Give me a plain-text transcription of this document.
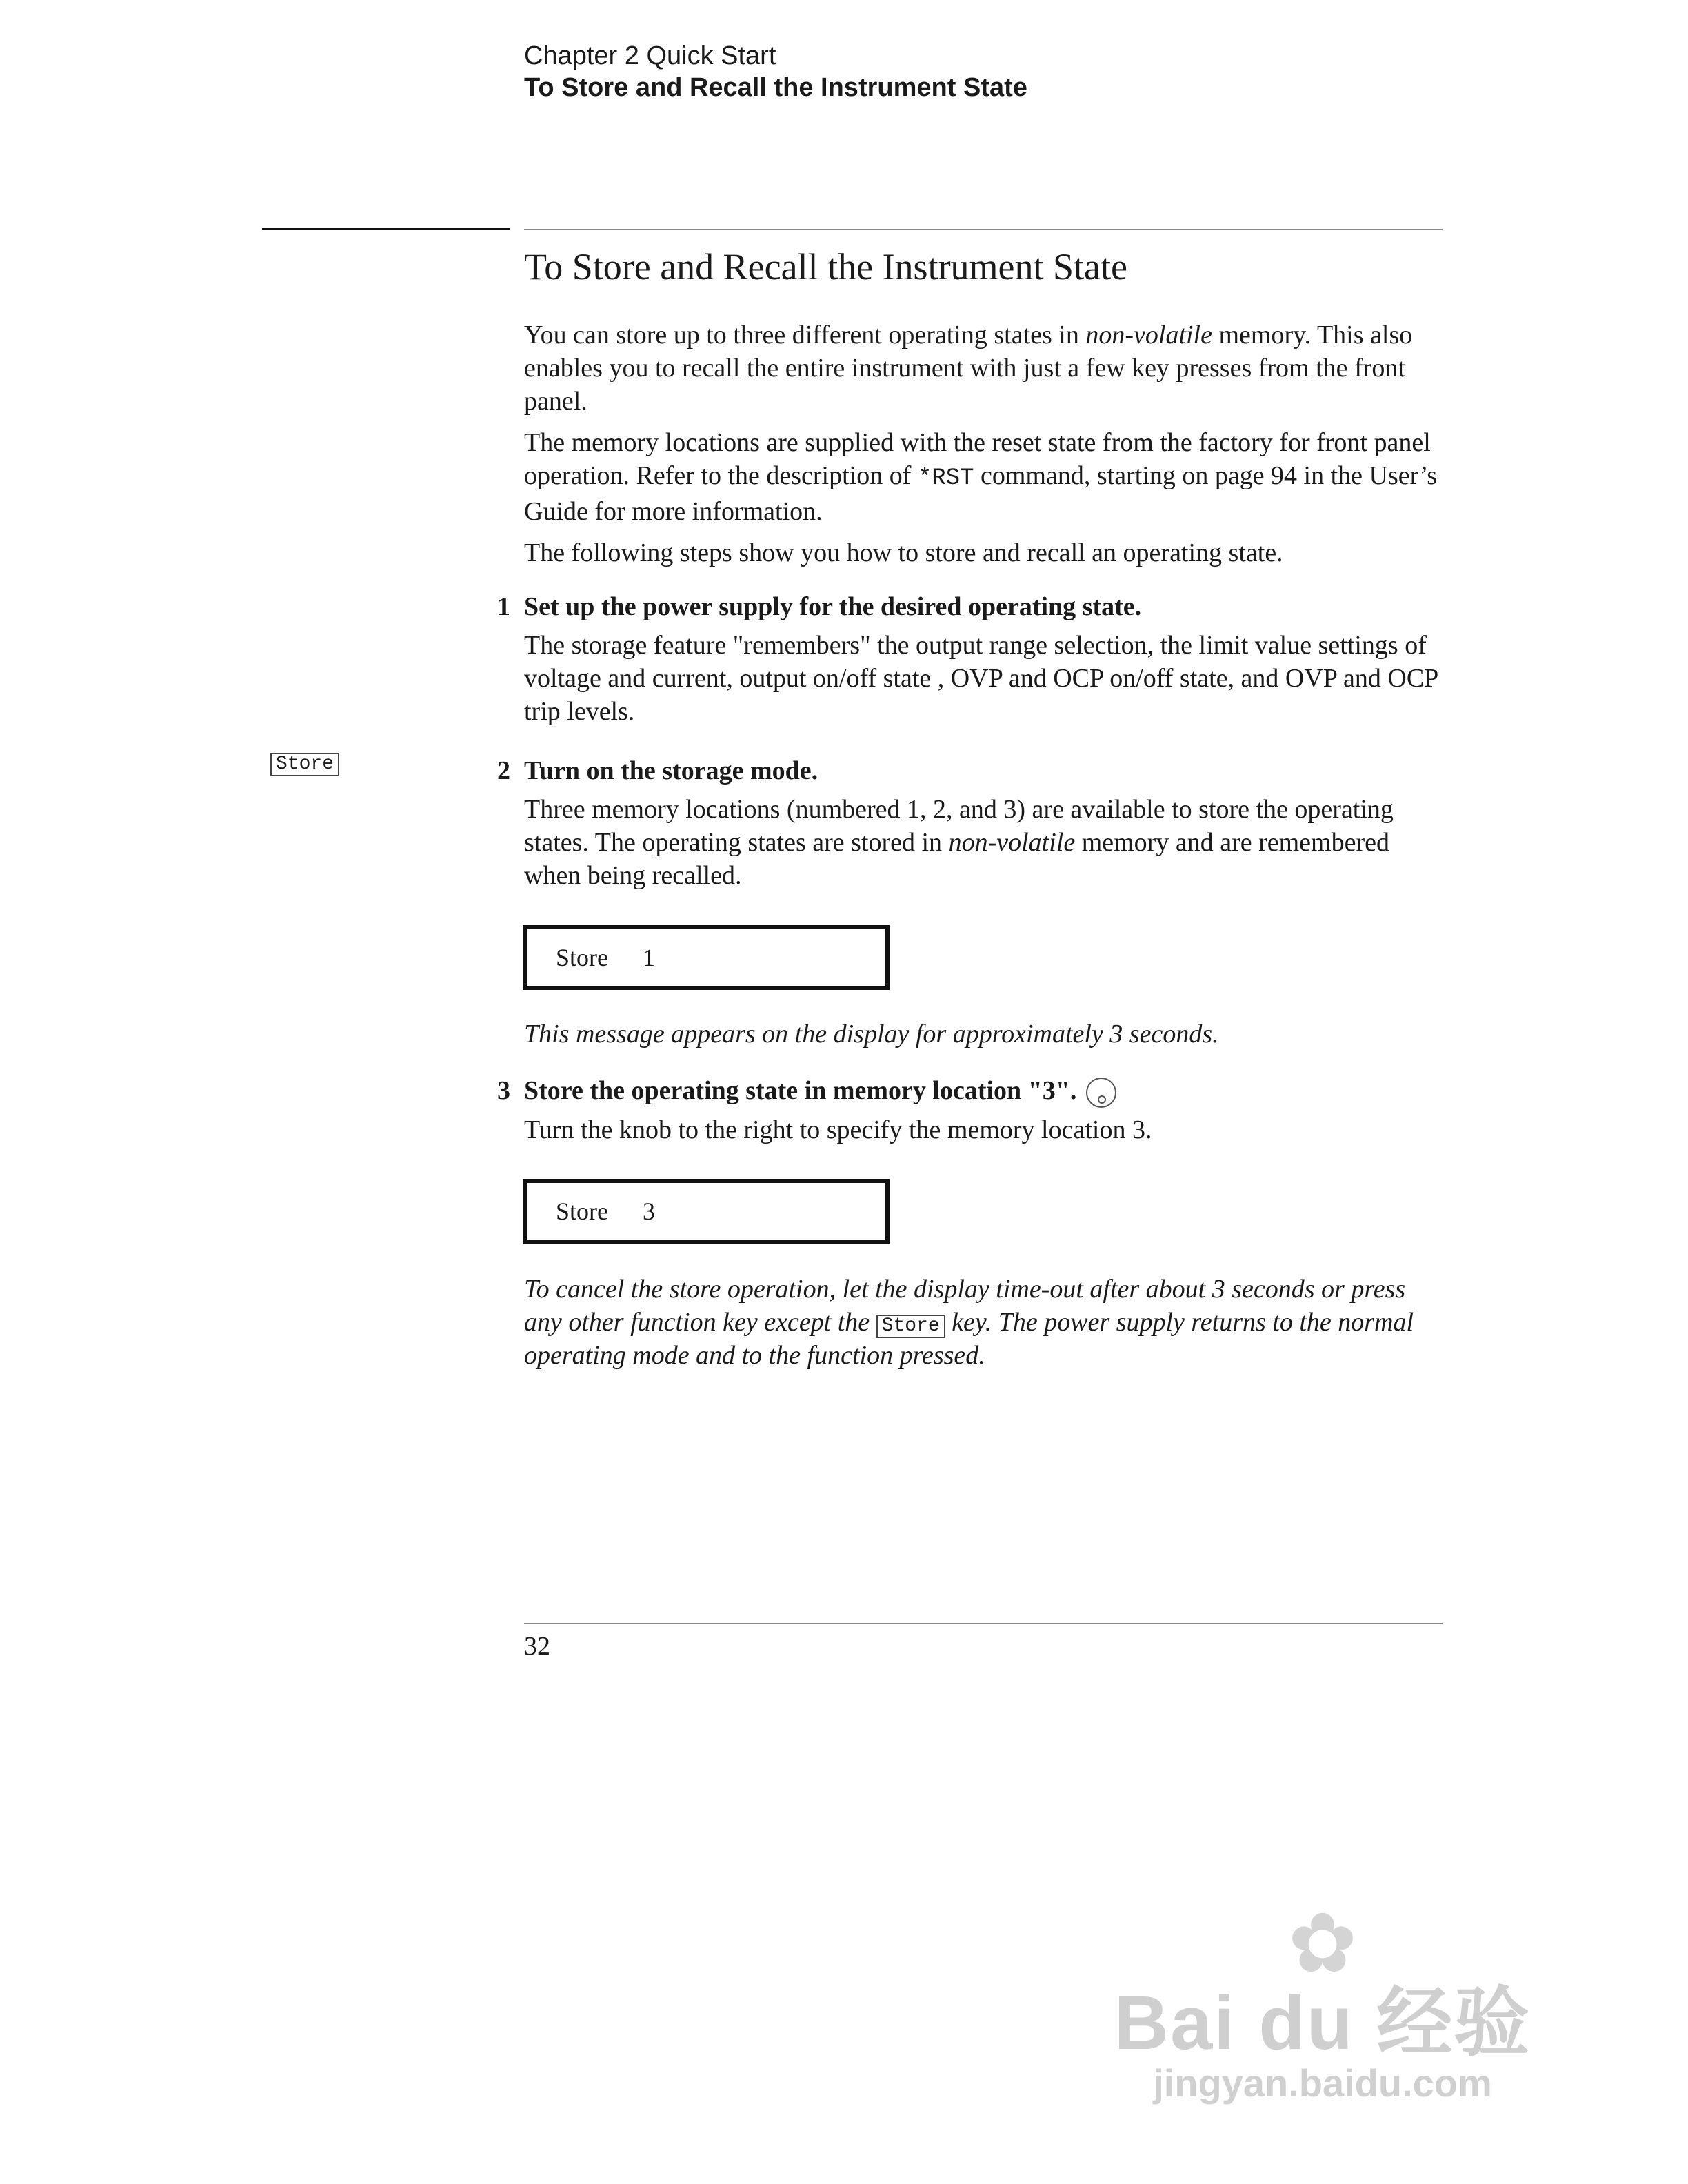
Chapter 2 Quick Start
To Store and Recall the Instrument State
To Store and Recall the Instrument State

You can store up to three different operating states in non-volatile memory. This also enables you to recall the entire instrument with just a few key presses from the front panel.

The memory locations are supplied with the reset state from the factory for front panel operation. Refer to the description of *RST command, starting on page 94 in the User’s Guide for more information.

The following steps show you how to store and recall an operating state.

1 Set up the power supply for the desired operating state.

The storage feature "remembers" the output range selection, the limit value settings of voltage and current, output on/off state , OVP and OCP on/off state, and OVP and OCP trip levels.

Store	2 Turn on the storage mode.

Three memory locations (numbered 1, 2, and 3) are available to store the operating states. The operating states are stored in non-volatile memory and are remembered when being recalled.

Store 1
This message appears on the display for approximately 3 seconds.
3 Store the operating state in memory location "3".

Turn the knob to the right to specify the memory location 3.

Store 3
To cancel the store operation, let the display time-out after about 3 seconds or press any other function key except the Store key. The power supply returns to the normal operating mode and to the function pressed.
32
✿
Bai du 经验
jingyan.baidu.com
